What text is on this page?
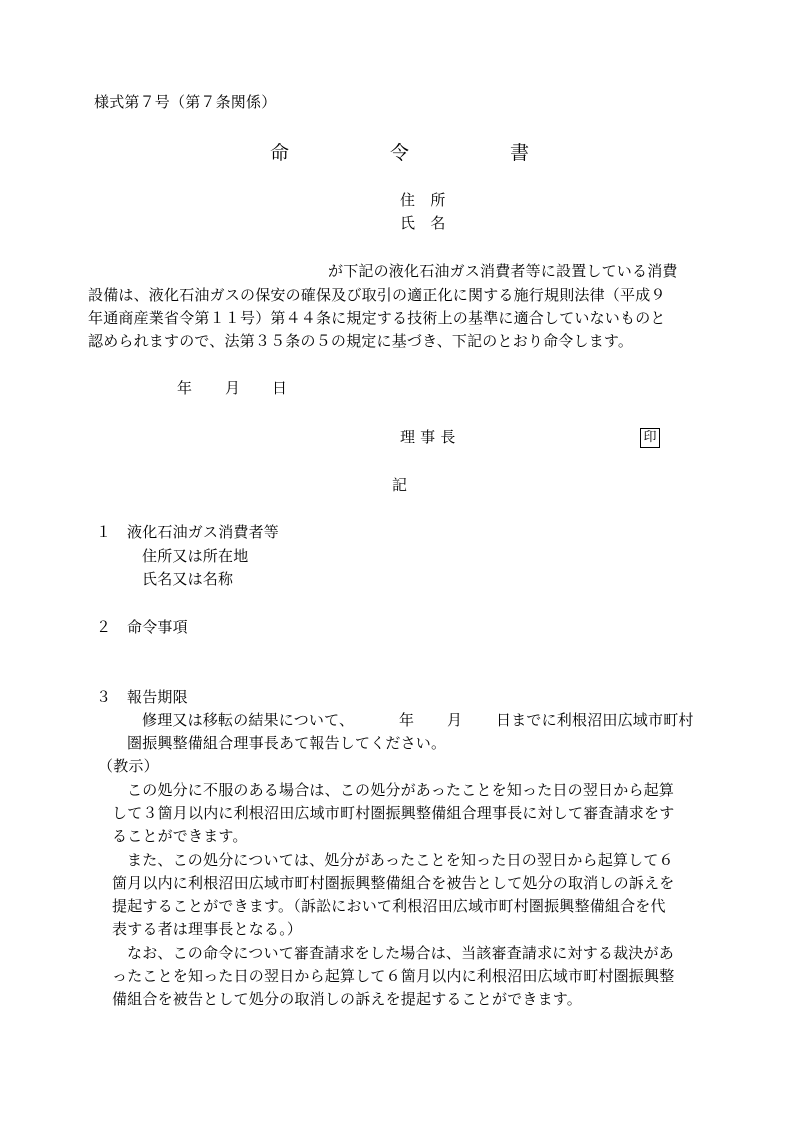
様式第７号（第７条関係）
命	令	書
住　所
氏　名
が下記の液化石油ガス消費者等に設置している消費
設備は、液化石油ガスの保安の確保及び取引の適正化に関する施行規則法律（平成９
年通商産業省令第１１号）第４４条に規定する技術上の基準に適合していないものと
認められますので、法第３５条の５の規定に基づき、下記のとおり命令します。
年 月 日
理 事 長	印
記
１ 液化石油ガス消費者等
住所又は所在地
氏名又は名称
２ 命令事項
３ 報告期限
修理又は移転の結果について、	年 月 日までに利根沼田広域市町村
圏振興整備組合理事長あて報告してください。
（教示）
この処分に不服のある場合は、この処分があったことを知った日の翌日から起算
して３箇月以内に利根沼田広域市町村圏振興整備組合理事長に対して審査請求をす
ることができます。
また、この処分については、処分があったことを知った日の翌日から起算して６
箇月以内に利根沼田広域市町村圏振興整備組合を被告として処分の取消しの訴えを
提起することができます。（訴訟において利根沼田広域市町村圏振興整備組合を代
表する者は理事長となる。）
なお、この命令について審査請求をした場合は、当該審査請求に対する裁決があ
ったことを知った日の翌日から起算して６箇月以内に利根沼田広域市町村圏振興整
備組合を被告として処分の取消しの訴えを提起することができます。
